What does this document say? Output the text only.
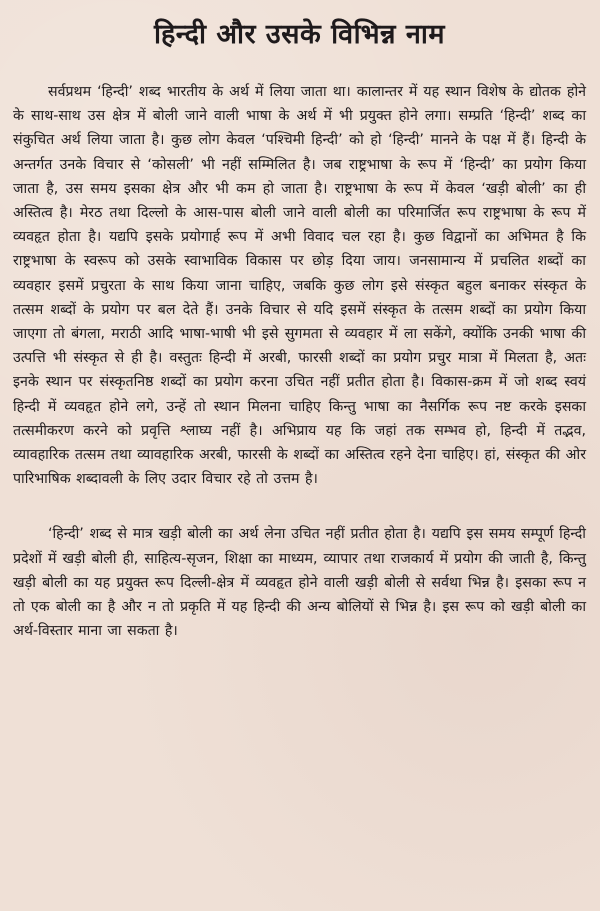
हिन्दी और उसके विभिन्न नाम

सर्वप्रथम ‘हिन्दी’ शब्द भारतीय के अर्थ में लिया जाता था। कालान्तर में यह स्थान विशेष के द्योतक होने के साथ-साथ उस क्षेत्र में बोली जाने वाली भाषा के अर्थ में भी प्रयुक्त होने लगा। सम्प्रति ‘हिन्दी’ शब्द का संकुचित अर्थ लिया जाता है। कुछ लोग केवल ‘पश्चिमी हिन्दी’ को हो ‘हिन्दी’ मानने के पक्ष में हैं। हिन्दी के अन्तर्गत उनके विचार से ‘कोसली’ भी नहीं सम्मिलित है। जब राष्ट्रभाषा के रूप में ‘हिन्दी’ का प्रयोग किया जाता है, उस समय इसका क्षेत्र और भी कम हो जाता है। राष्ट्रभाषा के रूप में केवल ‘खड़ी बोली’ का ही अस्तित्व है। मेरठ तथा दिल्लो के आस-पास बोली जाने वाली बोली का परिमार्जित रूप राष्ट्रभाषा के रूप में व्यवहृत होता है। यद्यपि इसके प्रयोगार्ह रूप में अभी विवाद चल रहा है। कुछ विद्वानों का अभिमत है कि राष्ट्रभाषा के स्वरूप को उसके स्वाभाविक विकास पर छोड़ दिया जाय। जनसामान्य में प्रचलित शब्दों का व्यवहार इसमें प्रचुरता के साथ किया जाना चाहिए, जबकि कुछ लोग इसे संस्कृत बहुल बनाकर संस्कृत के तत्सम शब्दों के प्रयोग पर बल देते हैं। उनके विचार से यदि इसमें संस्कृत के तत्सम शब्दों का प्रयोग किया जाएगा तो बंगला, मराठी आदि भाषा-भाषी भी इसे सुगमता से व्यवहार में ला सकेंगे, क्योंकि उनकी भाषा की उत्पत्ति भी संस्कृत से ही है। वस्तुतः हिन्दी में अरबी, फारसी शब्दों का प्रयोग प्रचुर मात्रा में मिलता है, अतः इनके स्थान पर संस्कृतनिष्ठ शब्दों का प्रयोग करना उचित नहीं प्रतीत होता है। विकास-क्रम में जो शब्द स्वयं हिन्दी में व्यवहृत होने लगे, उन्हें तो स्थान मिलना चाहिए किन्तु भाषा का नैसर्गिक रूप नष्ट करके इसका तत्समीकरण करने को प्रवृत्ति श्लाघ्य नहीं है। अभिप्राय यह कि जहां तक सम्भव हो, हिन्दी में तद्भव, व्यावहारिक तत्सम तथा व्यावहारिक अरबी, फारसी के शब्दों का अस्तित्व रहने देना चाहिए। हां, संस्कृत की ओर पारिभाषिक शब्दावली के लिए उदार विचार रहे तो उत्तम है।

‘हिन्दी’ शब्द से मात्र खड़ी बोली का अर्थ लेना उचित नहीं प्रतीत होता है। यद्यपि इस समय सम्पूर्ण हिन्दी प्रदेशों में खड़ी बोली ही, साहित्य-सृजन, शिक्षा का माध्यम, व्यापार तथा राजकार्य में प्रयोग की जाती है, किन्तु खड़ी बोली का यह प्रयुक्त रूप दिल्ली-क्षेत्र में व्यवहृत होने वाली खड़ी बोली से सर्वथा भिन्न है। इसका रूप न तो एक बोली का है और न तो प्रकृति में यह हिन्दी की अन्य बोलियों से भिन्न है। इस रूप को खड़ी बोली का अर्थ-विस्तार माना जा सकता है।
